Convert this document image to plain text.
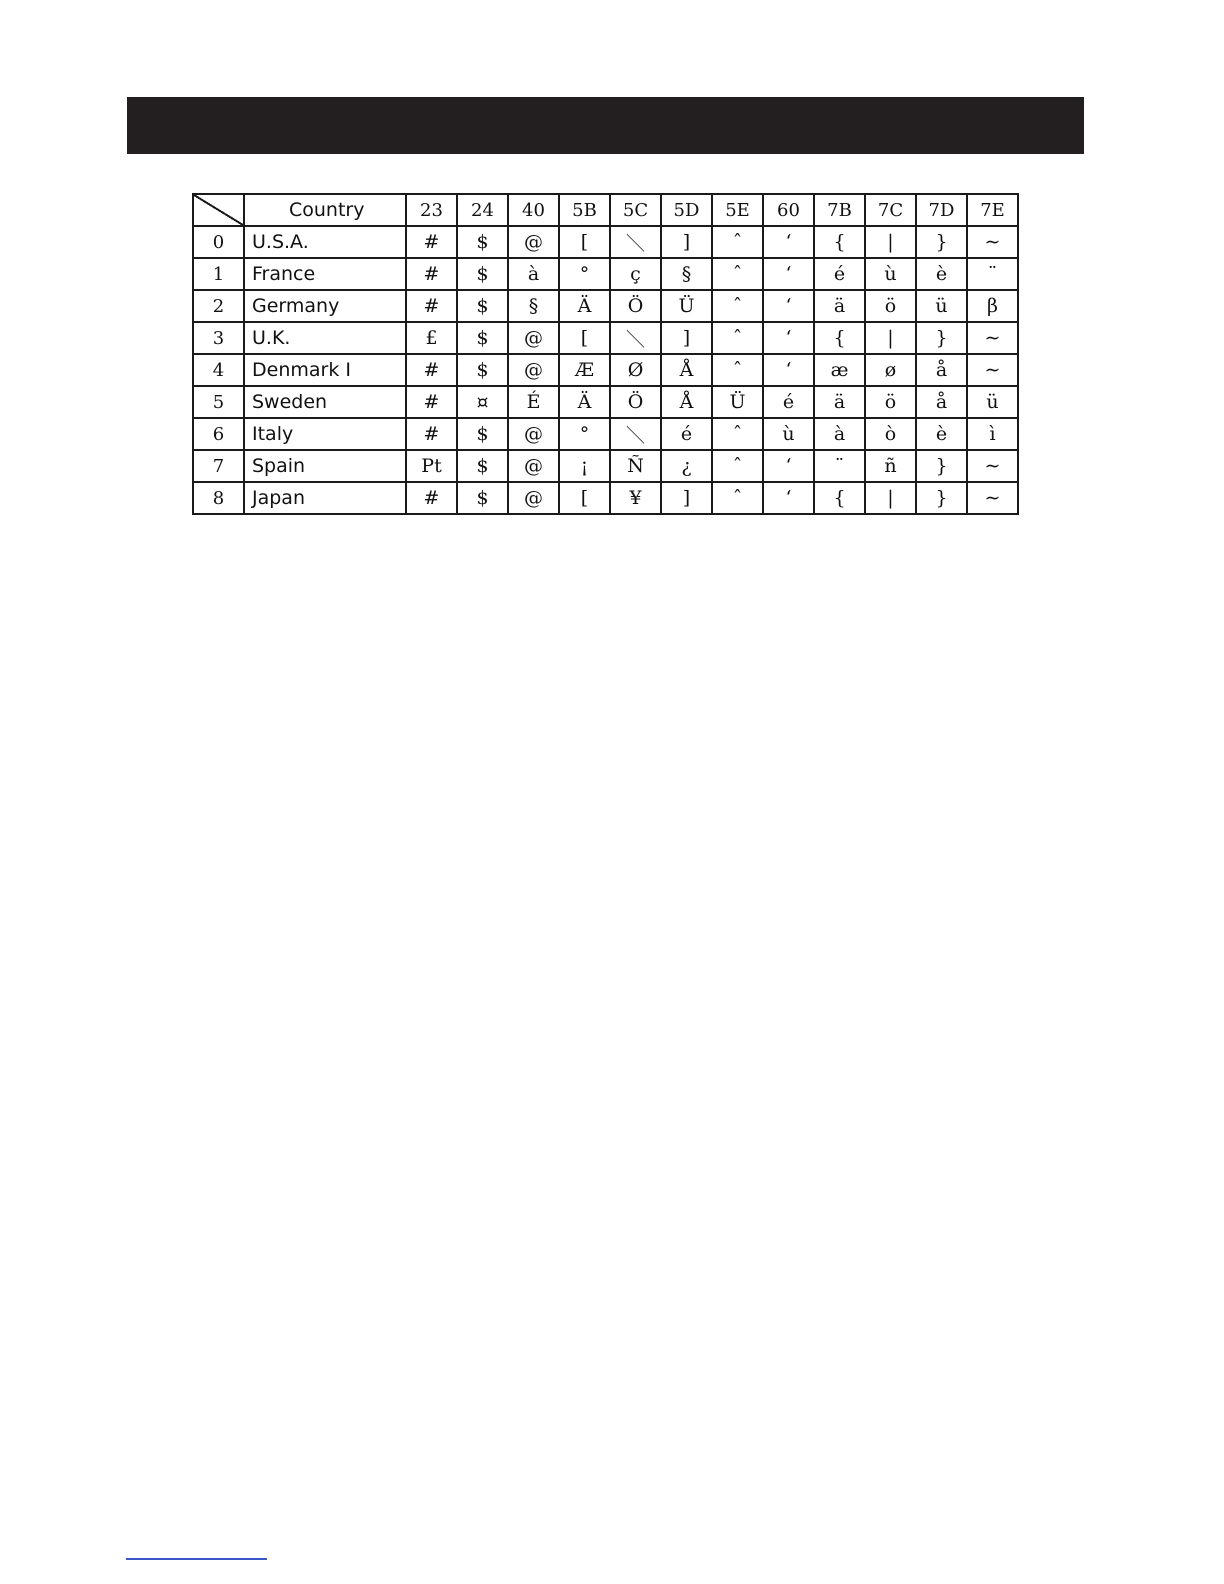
	Country	23	24	40	5B	5C	5D	5E	60	7B	7C	7D	7E
0	U.S.A.	#	$	@	[	＼	]	ˆ	‘	{	|	}	∼
1	France	#	$	à	°	ç	§	ˆ	‘	é	ù	è	¨
2	Germany	#	$	§	Ä	Ö	Ü	ˆ	‘	ä	ö	ü	β
3	U.K.	£	$	@	[	＼	]	ˆ	‘	{	|	}	∼
4	Denmark I	#	$	@	Æ	Ø	Å	ˆ	‘	æ	ø	å	∼
5	Sweden	#	¤	É	Ä	Ö	Å	Ü	é	ä	ö	å	ü
6	Italy	#	$	@	°	＼	é	ˆ	ù	à	ò	è	ì
7	Spain	Pt	$	@	¡	Ñ	¿	ˆ	‘	¨	ñ	}	∼
8	Japan	#	$	@	[	¥	]	ˆ	‘	{	|	}	∼
